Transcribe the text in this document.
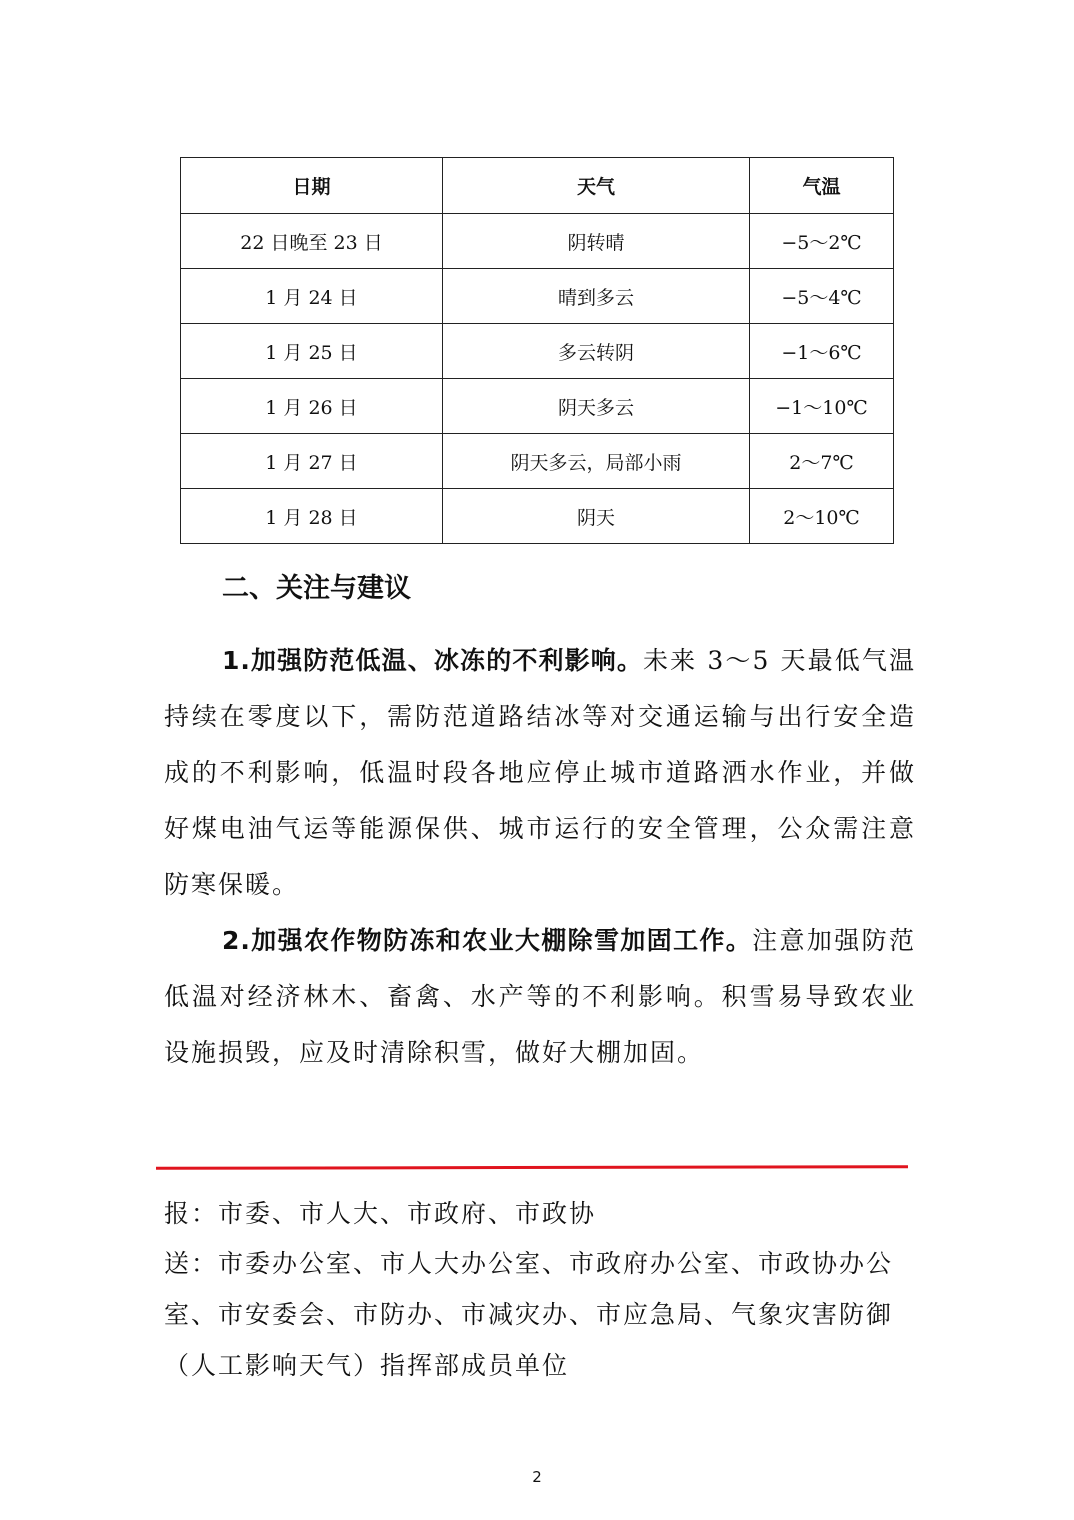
日期	天气	气温
22 日晚至 23 日	阴转晴	−5～2℃
1 月 24 日	晴到多云	−5～4℃
1 月 25 日	多云转阴	−1～6℃
1 月 26 日	阴天多云	−1～10℃
1 月 27 日	阴天多云，局部小雨	2～7℃
1 月 28 日	阴天	2～10℃
二、关注与建议

1.加强防范低温、冰冻的不利影响。未来 3～5 天最低气温持续在零度以下，需防范道路结冰等对交通运输与出行安全造成的不利影响，低温时段各地应停止城市道路洒水作业，并做好煤电油气运等能源保供、城市运行的安全管理，公众需注意防寒保暖。

2.加强农作物防冻和农业大棚除雪加固工作。注意加强防范低温对经济林木、畜禽、水产等的不利影响。积雪易导致农业设施损毁，应及时清除积雪，做好大棚加固。

报：市委、市人大、市政府、市政协

送：市委办公室、市人大办公室、市政府办公室、市政协办公室、市安委会、市防办、市减灾办、市应急局、气象灾害防御（人工影响天气）指挥部成员单位

2
